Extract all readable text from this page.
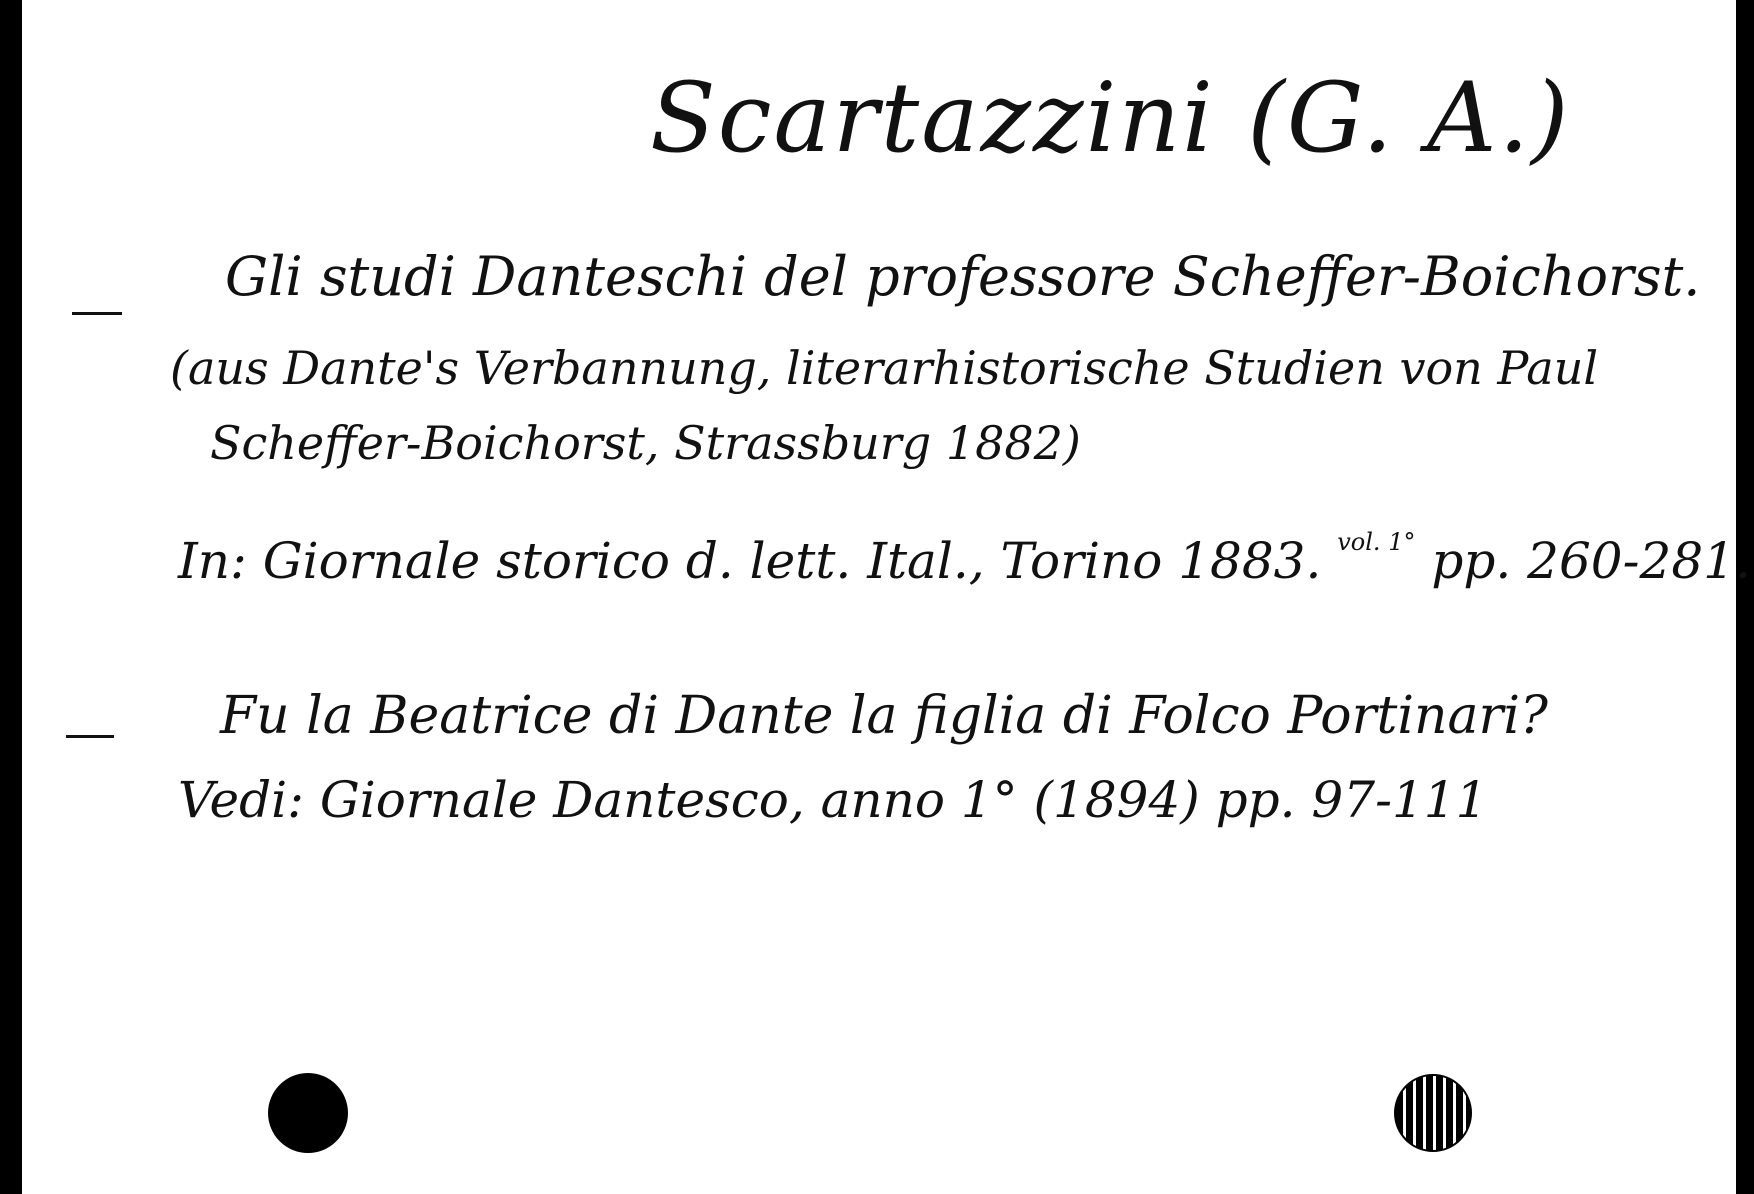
Scartazzini (G. A.)
Gli studi Danteschi del professore Scheffer-Boichorst.
(aus Dante's Verbannung, literarhistorische Studien von Paul
Scheffer-Boichorst, Strassburg 1882)
In: Giornale storico d. lett. Ital., Torino 1883. $^{vol. 1^\circ}$ pp. 260-281.
Fu la Beatrice di Dante la figlia di Folco Portinari?
Vedi: Giornale Dantesco, anno 1° (1894) pp. 97-111
